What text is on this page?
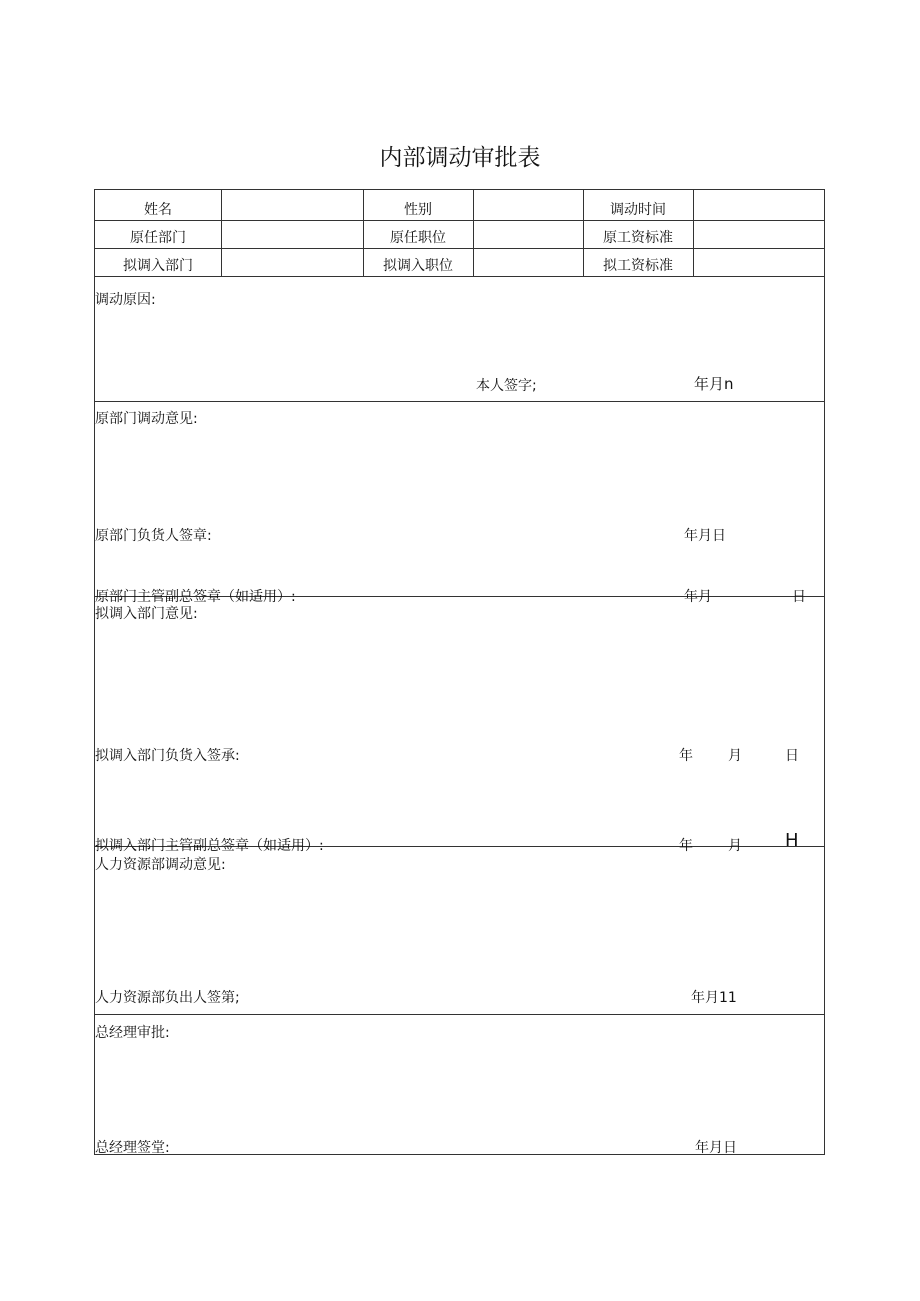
内部调动审批表
姓名	性别	调动时间
原任部门	原任职位	原工资标准
拟调入部门	拟调入职位	拟工资标准
调动原因:
本人签字;	年月n
原部门调动意见:
原部门负货人签章:	年月日
原部门主管副总签章（如适用）:	年月	日
拟调入部门意见:
拟调入部门负货入签承:	年	月	日
拟调入部门主管副总签章（如适用）:	年	月 H
人力资源部调动意见:
人力资源部负出人签第;	年月11
总经理审批:
总经理签堂:	年月日
